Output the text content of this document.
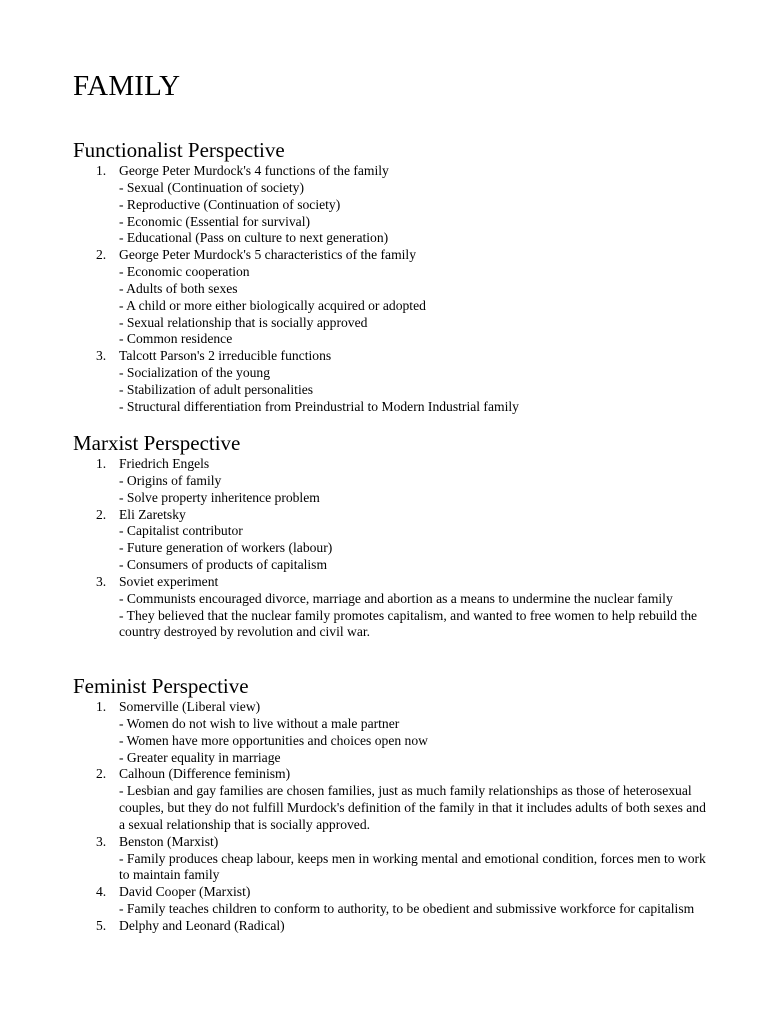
FAMILY
Functionalist Perspective
1. George Peter Murdock's 4 functions of the family
- Sexual (Continuation of society)
- Reproductive (Continuation of society)
- Economic (Essential for survival)
- Educational (Pass on culture to next generation)
2. George Peter Murdock's 5 characteristics of the family
- Economic cooperation
- Adults of both sexes
- A child or more either biologically acquired or adopted
- Sexual relationship that is socially approved
- Common residence
3. Talcott Parson's 2 irreducible functions
- Socialization of the young
- Stabilization of adult personalities
- Structural differentiation from Preindustrial to Modern Industrial family
Marxist Perspective
1. Friedrich Engels
- Origins of family
- Solve property inheritence problem
2. Eli Zaretsky
- Capitalist contributor
- Future generation of workers (labour)
- Consumers of products of capitalism
3. Soviet experiment
- Communists encouraged divorce, marriage and abortion as a means to undermine the nuclear family
- They believed that the nuclear family promotes capitalism, and wanted to free women to help rebuild the country destroyed by revolution and civil war.
Feminist Perspective
1. Somerville (Liberal view)
- Women do not wish to live without a male partner
- Women have more opportunities and choices open now
- Greater equality in marriage
2. Calhoun (Difference feminism)
- Lesbian and gay families are chosen families, just as much family relationships as those of heterosexual couples, but they do not fulfill Murdock's definition of the family in that it includes adults of both sexes and a sexual relationship that is socially approved.
3. Benston (Marxist)
- Family produces cheap labour, keeps men in working mental and emotional condition, forces men to work to maintain family
4. David Cooper (Marxist)
- Family teaches children to conform to authority, to be obedient and submissive workforce for capitalism
5. Delphy and Leonard (Radical)
